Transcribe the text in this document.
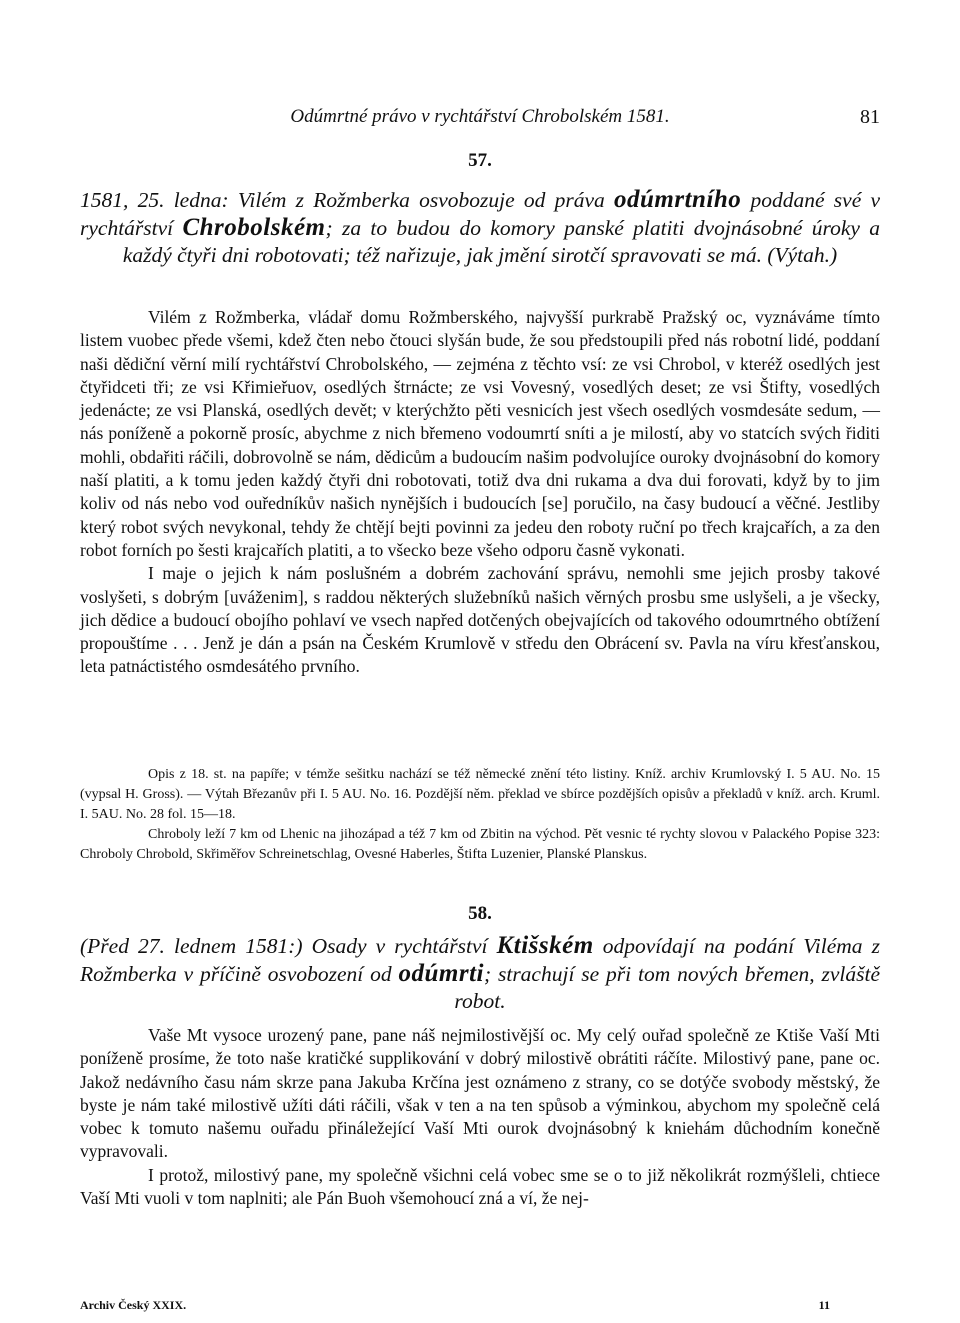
Odúmrtné právo v rychtářství Chrobolském 1581.	81
57.
1581, 25. ledna: Vilém z Rožmberka osvobozuje od práva odúmrtního poddané své v rychtářství Chrobolském; za to budou do komory panské platiti dvojnásobné úroky a každý čtyři dni robotovati; též nařizuje, jak jmění sirotčí spravovati se má. (Výtah.)

Vilém z Rožmberka, vládař domu Rožmberského, najvyšší purkrabě Pražský oc, vyznáváme tímto listem vuobec přede všemi, kdež čten nebo čtouci slyšán bude, že sou předstoupili před nás robotní lidé, poddaní naši dědiční věrní milí rychtářství Chrobolského, — zejména z těchto vsí: ze vsi Chrobol, v kteréž osedlých jest čtyřidceti tři; ze vsi Křimieřuov, osedlých štrnácte; ze vsi Vovesný, vosedlých deset; ze vsi Štifty, vosedlých jedenácte; ze vsi Planská, osedlých devět; v kterýchžto pěti vesnicích jest všech osedlých vosmdesáte sedum, — nás poníženě a pokorně prosíc, abychme z nich břemeno vodoumrtí sníti a je milostí, aby vo statcích svých řiditi mohli, obdařiti ráčili, dobrovolně se nám, dědicům a budoucím našim podvolujíce ouroky dvojnásobní do komory naší platiti, a k tomu jeden každý čtyři dni robotovati, totiž dva dni rukama a dva dui forovati, když by to jim koliv od nás nebo vod ouředníkův našich nynějších i budoucích [se] poručilo, na časy budoucí a věčné. Jestliby který robot svých nevykonal, tehdy že chtějí bejti povinni za jedeu den roboty ruční po třech krajcařích, a za den robot forních po šesti krajcařích platiti, a to všecko beze všeho odporu časně vykonati.

I maje o jejich k nám poslušném a dobrém zachování správu, nemohli sme jejich prosby takové voslyšeti, s dobrým [uváženim], s raddou některých služebníků našich věrných prosbu sme uslyšeli, a je všecky, jich dědice a budoucí obojího pohlaví ve vsech napřed dotčených obejvajících od takového odoumrtného obtížení propouštíme . . . Jenž je dán a psán na Českém Krumlově v středu den Obrácení sv. Pavla na víru křesťanskou, leta patnáctistého osmdesátého prvního.

Opis z 18. st. na papíře; v témže sešitku nachází se též německé znění této listiny. Kníž. archiv Krumlovský I. 5 AU. No. 15 (vypsal H. Gross). — Výtah Březanův při I. 5 AU. No. 16. Pozdější něm. překlad ve sbírce pozdějších opisův a překladů v kníž. arch. Kruml. I. 5AU. No. 28 fol. 15—18.

Chroboly leží 7 km od Lhenic na jihozápad a též 7 km od Zbitin na východ. Pět vesnic té rychty slovou v Palackého Popise 323: Chroboly Chrobold, Skřiměřov Schreinetschlag, Ovesné Haberles, Štifta Luzenier, Planské Planskus.

58.
(Před 27. lednem 1581:) Osady v rychtářství Ktišském odpovídají na podání Viléma z Rožmberka v příčině osvobození od odúmrti; strachují se při tom nových břemen, zvláště robot.

Vaše Mt vysoce urozený pane, pane náš nejmilostivější oc. My celý ouřad společně ze Ktiše Vaší Mti poníženě prosíme, že toto naše kratičké supplikování v dobrý milostivě obrátiti ráčíte. Milostivý pane, pane oc. Jakož nedávního času nám skrze pana Jakuba Krčína jest oznámeno z strany, co se dotýče svobody městský, že byste je nám také milostivě užíti dáti ráčili, však v ten a na ten spůsob a výminkou, abychom my společně celá vobec k tomuto našemu ouřadu přináležející Vaší Mti ourok dvojnásobný k kniehám důchodním konečně vypravovali.

I protož, milostivý pane, my společně všichni celá vobec sme se o to již několikrát rozmýšleli, chtiece Vaší Mti vuoli v tom naplniti; ale Pán Buoh všemohoucí zná a ví, že nej-

Archiv Český XXIX.	11
